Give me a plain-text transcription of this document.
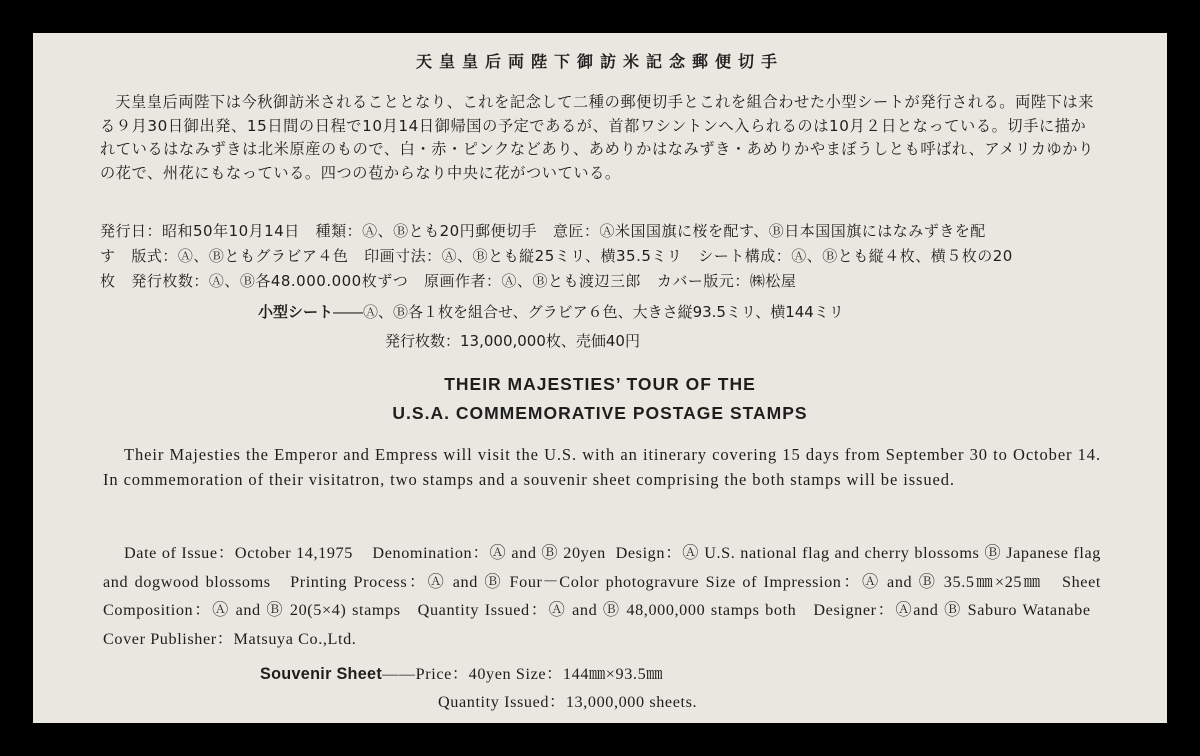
天皇皇后両陛下御訪米記念郵便切手

天皇皇后両陛下は今秋御訪米されることとなり、これを記念して二種の郵便切手とこれを組合わせた小型シートが発行される。両陛下は来る９月30日御出発、15日間の日程で10月14日御帰国の予定であるが、首都ワシントンへ入られるのは10月２日となっている。切手に描かれているはなみずきは北米原産のもので、白・赤・ピンクなどあり、あめりかはなみずき・あめりかやまぼうしとも呼ばれ、アメリカゆかりの花で、州花にもなっている。四つの苞からなり中央に花がついている。

発行日：昭和50年10月14日 種類：Ⓐ、Ⓑとも20円郵便切手 意匠：Ⓐ米国国旗に桜を配す、Ⓑ日本国国旗にはなみずきを配す 版式：Ⓐ、Ⓑともグラビア４色 印画寸法：Ⓐ、Ⓑとも縦25ミリ、横35.5ミリ シート構成：Ⓐ、Ⓑとも縦４枚、横５枚の20枚 発行枚数：Ⓐ、Ⓑ各48.000.000枚ずつ 原画作者：Ⓐ、Ⓑとも渡辺三郎 カバー版元：㈱松屋
小型シート――Ⓐ、Ⓑ各１枚を組合せ、グラビア６色、大きさ縦93.5ミリ、横144ミリ
発行枚数：13,000,000枚、売価40円
THEIR MAJESTIES’ TOUR OF THE
U.S.A. COMMEMORATIVE POSTAGE STAMPS

Their Majesties the Emperor and Empress will visit the U.S. with an itinerary covering 15 days from September 30 to October 14. In commemoration of their visitatron, two stamps and a souvenir sheet comprising the both stamps will be issued.

Date of Issue：October 14,1975 Denomination：Ⓐ and Ⓑ 20yen Design：Ⓐ U.S. national flag and cherry blossoms Ⓑ Japanese flag and dogwood blossoms Printing Process：Ⓐ and Ⓑ Four－Color photogravure Size of Impression：Ⓐ and Ⓑ 35.5㎜×25㎜ Sheet Composition：Ⓐ and Ⓑ 20(5×4) stamps Quantity Issued：Ⓐ and Ⓑ 48,000,000 stamps both Designer：Ⓐand Ⓑ Saburo Watanabe   Cover Publisher：Matsuya Co.,Ltd.

Souvenir Sheet――Price：40yen Size：144㎜×93.5㎜
Quantity Issued：13,000,000 sheets.
